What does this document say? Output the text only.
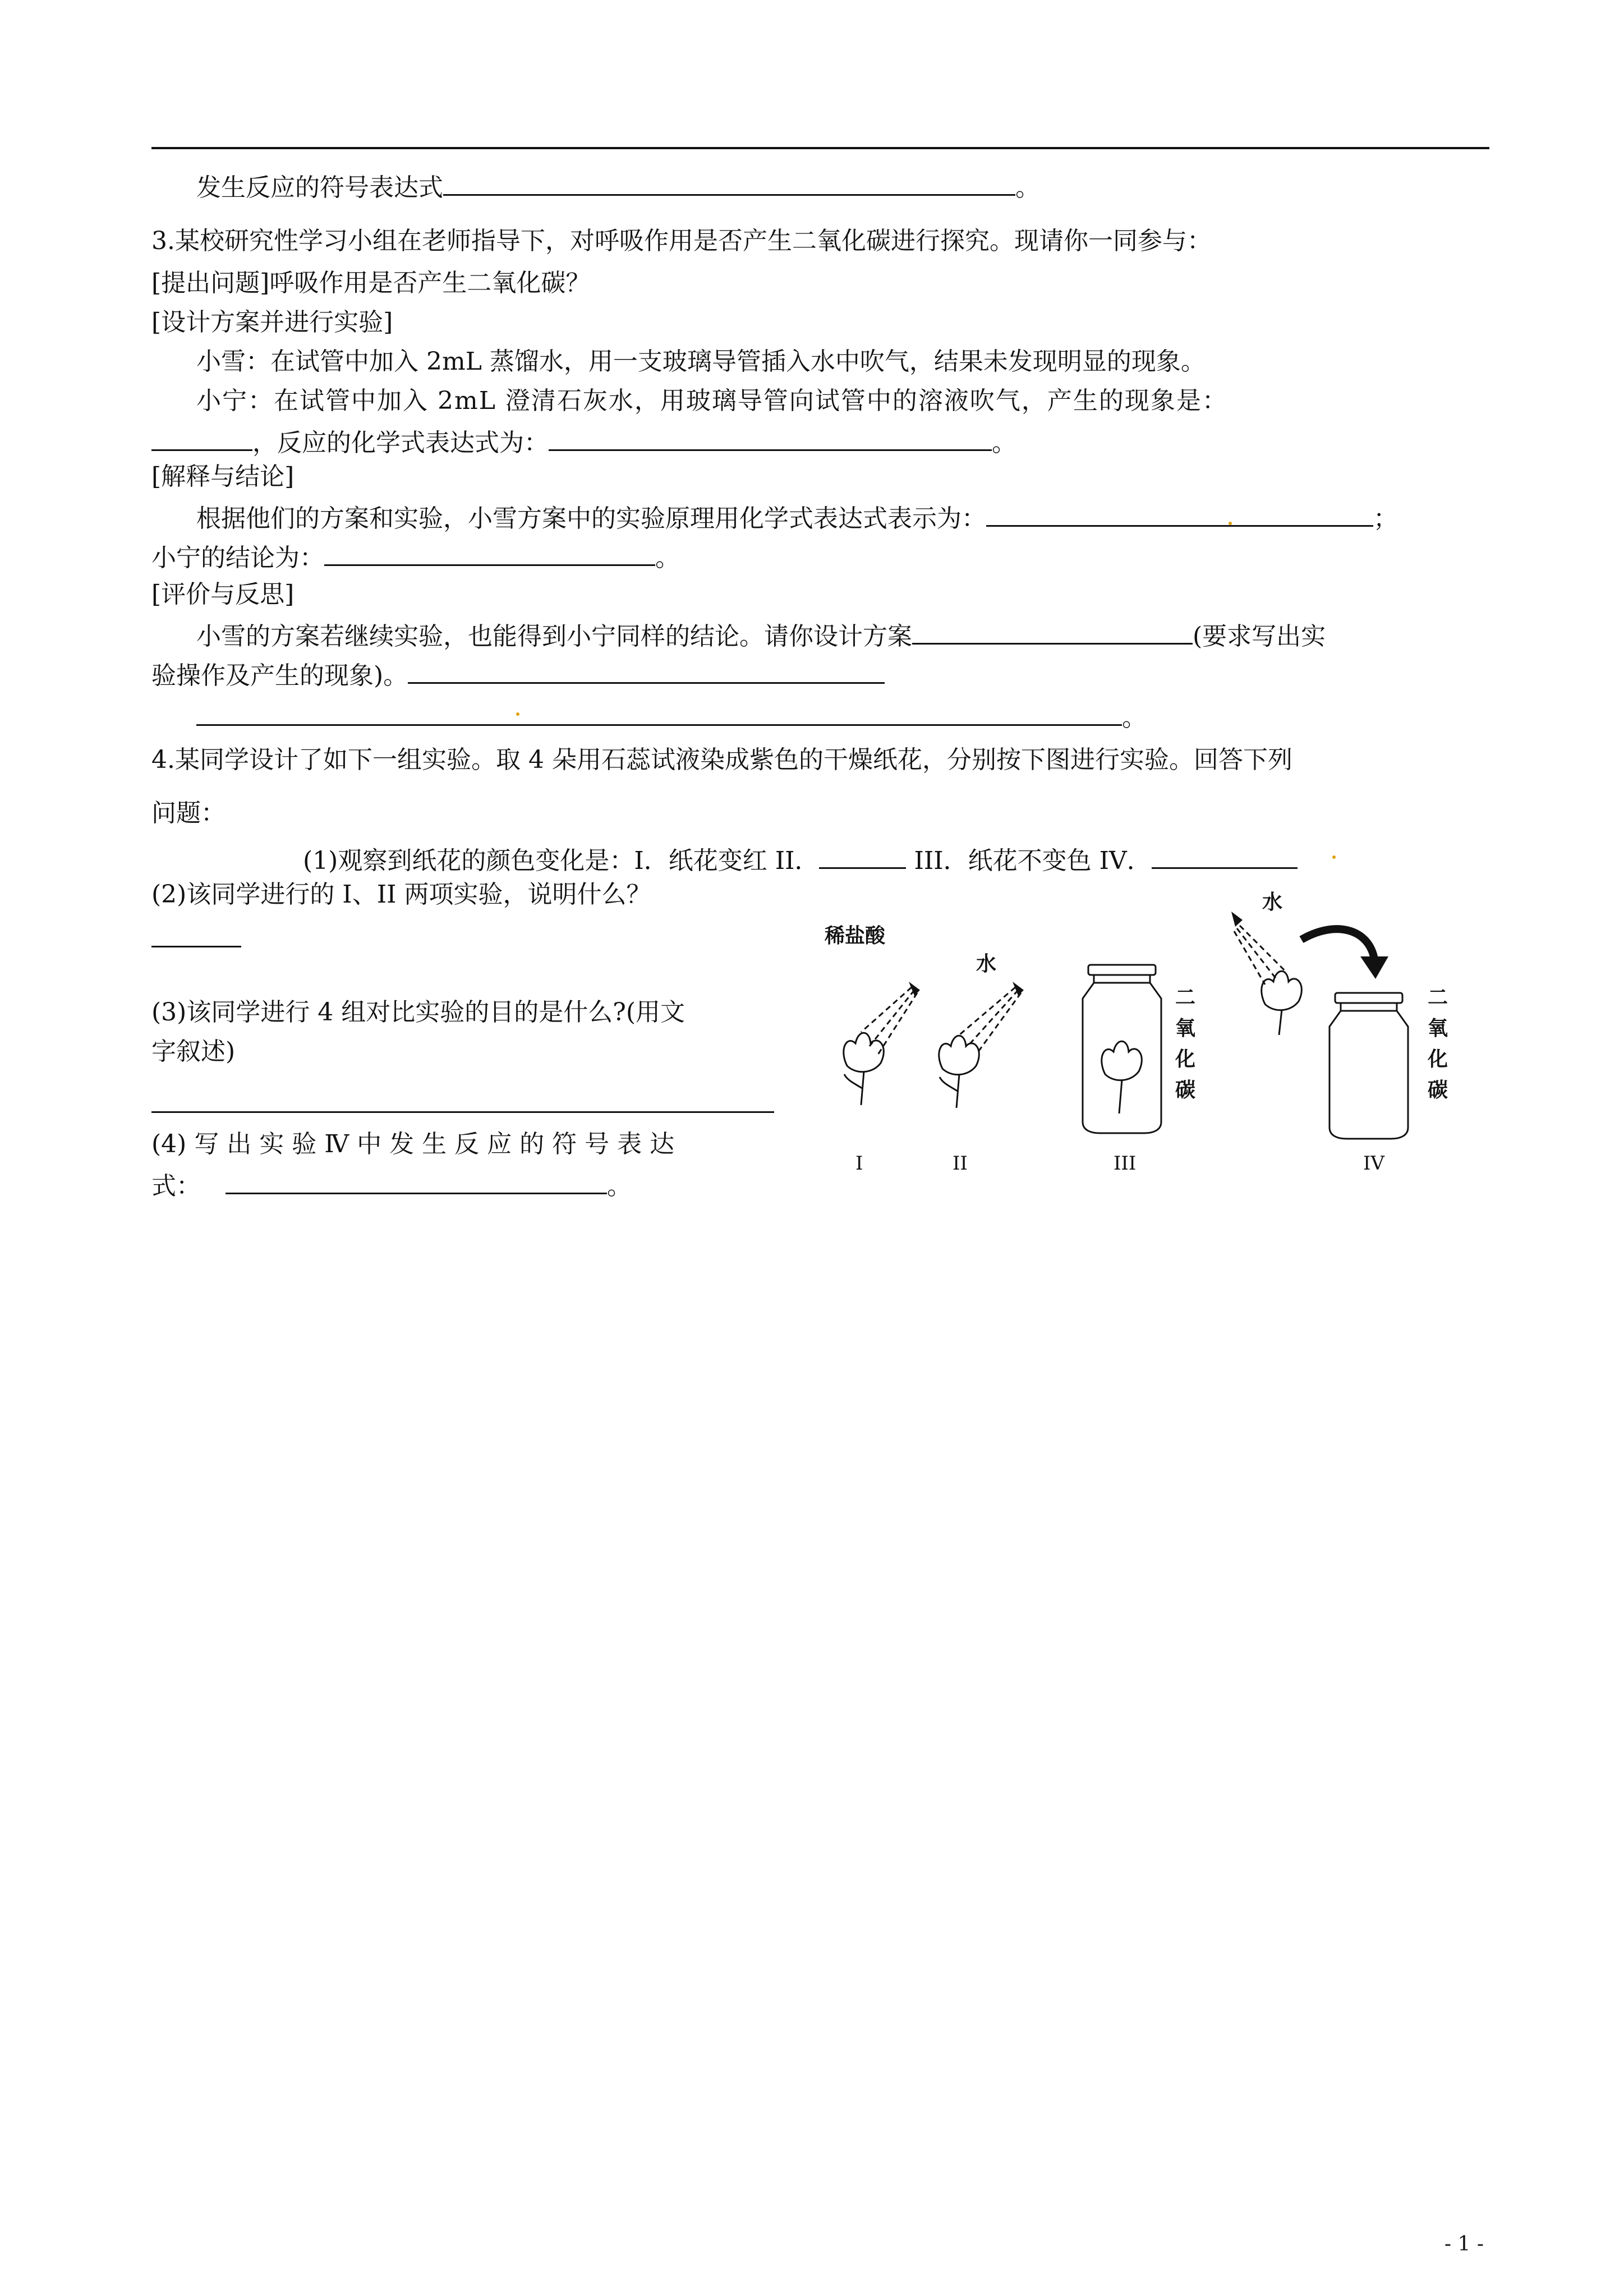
发生反应的符号表达式	。
3.某校研究性学习小组在老师指导下，对呼吸作用是否产生二氧化碳进行探究。现请你一同参与：
[提出问题]呼吸作用是否产生二氧化碳？
[设计方案并进行实验]
小雪：在试管中加入 2mL 蒸馏水，用一支玻璃导管插入水中吹气，结果未发现明显的现象。
小宁：在试管中加入 2mL 澄清石灰水，用玻璃导管向试管中的溶液吹气，产生的现象是：
，反应的化学式表达式为：	。
[解释与结论]
根据他们的方案和实验，小雪方案中的实验原理用化学式表达式表示为：	；
小宁的结论为：	。
[评价与反思]
小雪的方案若继续实验，也能得到小宁同样的结论。请你设计方案	(要求写出实
验操作及产生的现象)。
。
4.某同学设计了如下一组实验。取 4 朵用石蕊试液染成紫色的干燥纸花，分别按下图进行实验。回答下列
问题：
(1)观察到纸花的颜色变化是：I．纸花变红 II．	III．纸花不变色 IV．
(2)该同学进行的 I、II 两项实验，说明什么？
(3)该同学进行 4 组对比实验的目的是什么?(用文
字叙述)
(4) 写 出 实 验 Ⅳ 中 发 生 反 应 的 符 号 表 达
式：	。
稀盐酸
I
水
II
二
氧
化
碳
III
水
二
氧
化
碳
IV
- 1 -
